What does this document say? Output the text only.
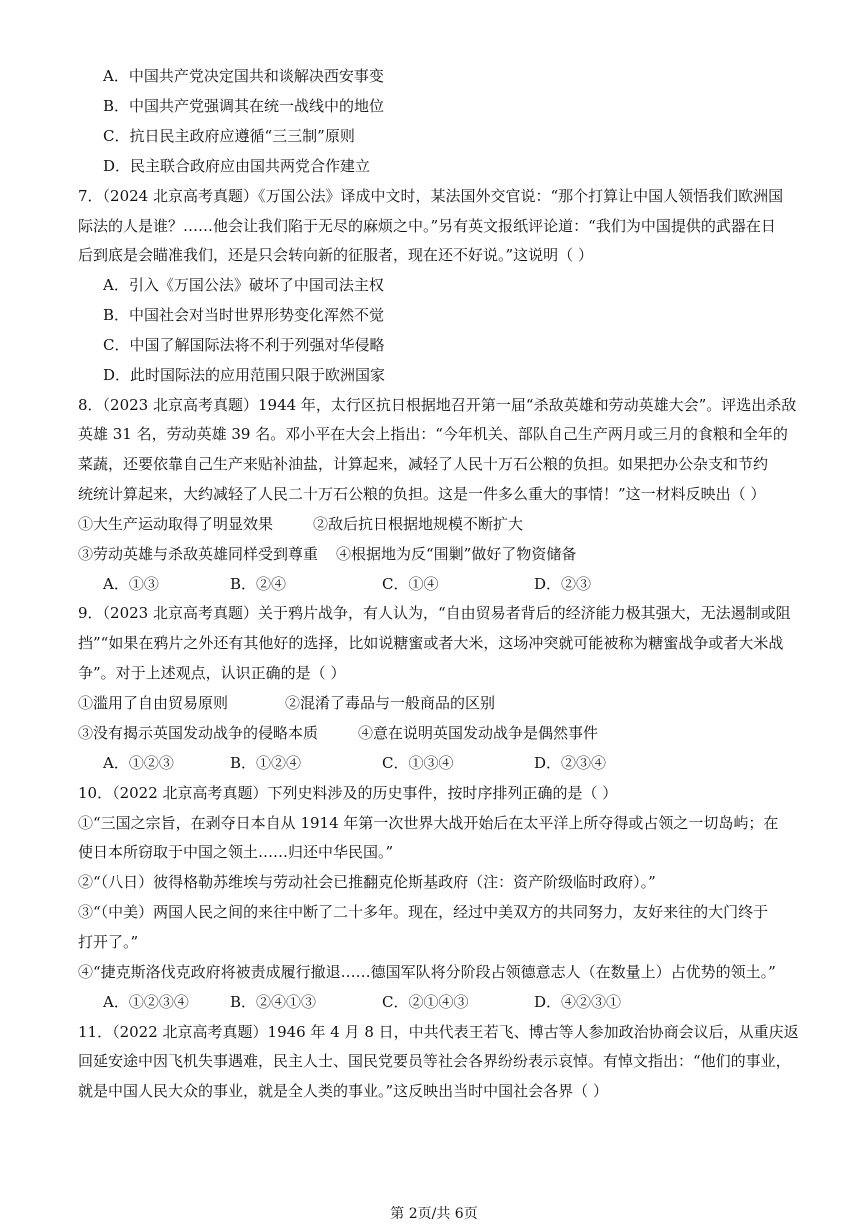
A．中国共产党决定国共和谈解决西安事变
B．中国共产党强调其在统一战线中的地位
C．抗日民主政府应遵循“三三制”原则
D．民主联合政府应由国共两党合作建立
7．（2024 北京高考真题）《万国公法》译成中文时，某法国外交官说：“那个打算让中国人领悟我们欧洲国
际法的人是谁？……他会让我们陷于无尽的麻烦之中。”另有英文报纸评论道：“我们为中国提供的武器在日
后到底是会瞄准我们，还是只会转向新的征服者，现在还不好说。”这说明（ ）
A．引入《万国公法》破坏了中国司法主权
B．中国社会对当时世界形势变化浑然不觉
C．中国了解国际法将不利于列强对华侵略
D．此时国际法的应用范围只限于欧洲国家
8．（2023 北京高考真题）1944 年，太行区抗日根据地召开第一届“杀敌英雄和劳动英雄大会”。评选出杀敌
英雄 31 名，劳动英雄 39 名。邓小平在大会上指出：“今年机关、部队自己生产两月或三月的食粮和全年的
菜蔬，还要依靠自己生产来贴补油盐，计算起来，减轻了人民十万石公粮的负担。如果把办公杂支和节约
统统计算起来，大约减轻了人民二十万石公粮的负担。这是一件多么重大的事情！”这一材料反映出（ ）
①大生产运动取得了明显效果	②敌后抗日根据地规模不断扩大
③劳动英雄与杀敌英雄同样受到尊重 ④根据地为反“围剿”做好了物资储备
A．①③	B．②④	C．①④	D．②③
9．（2023 北京高考真题）关于鸦片战争，有人认为，“自由贸易者背后的经济能力极其强大，无法遏制或阻
挡”“如果在鸦片之外还有其他好的选择，比如说糖蜜或者大米，这场冲突就可能被称为糖蜜战争或者大米战
争”。对于上述观点，认识正确的是（ ）
①滥用了自由贸易原则	②混淆了毒品与一般商品的区别
③没有揭示英国发动战争的侵略本质	④意在说明英国发动战争是偶然事件
A．①②③	B．①②④	C．①③④	D．②③④
10．（2022 北京高考真题）下列史料涉及的历史事件，按时序排列正确的是（ ）
①“三国之宗旨，在剥夺日本自从 1914 年第一次世界大战开始后在太平洋上所夺得或占领之一切岛屿；在
使日本所窃取于中国之领土……归还中华民国。”
②“（八日）彼得格勒苏维埃与劳动社会已推翻克伦斯基政府（注：资产阶级临时政府）。”
③“（中美）两国人民之间的来往中断了二十多年。现在，经过中美双方的共同努力，友好来往的大门终于
打开了。”
④“捷克斯洛伐克政府将被责成履行撤退……德国军队将分阶段占领德意志人（在数量上）占优势的领土。”
A．①②③④	B．②④①③	C．②①④③	D．④②③①
11．（2022 北京高考真题）1946 年 4 月 8 日，中共代表王若飞、博古等人参加政治协商会议后，从重庆返
回延安途中因飞机失事遇难，民主人士、国民党要员等社会各界纷纷表示哀悼。有悼文指出：“他们的事业，
就是中国人民大众的事业，就是全人类的事业。”这反映出当时中国社会各界（ ）
第 2页/共 6页
